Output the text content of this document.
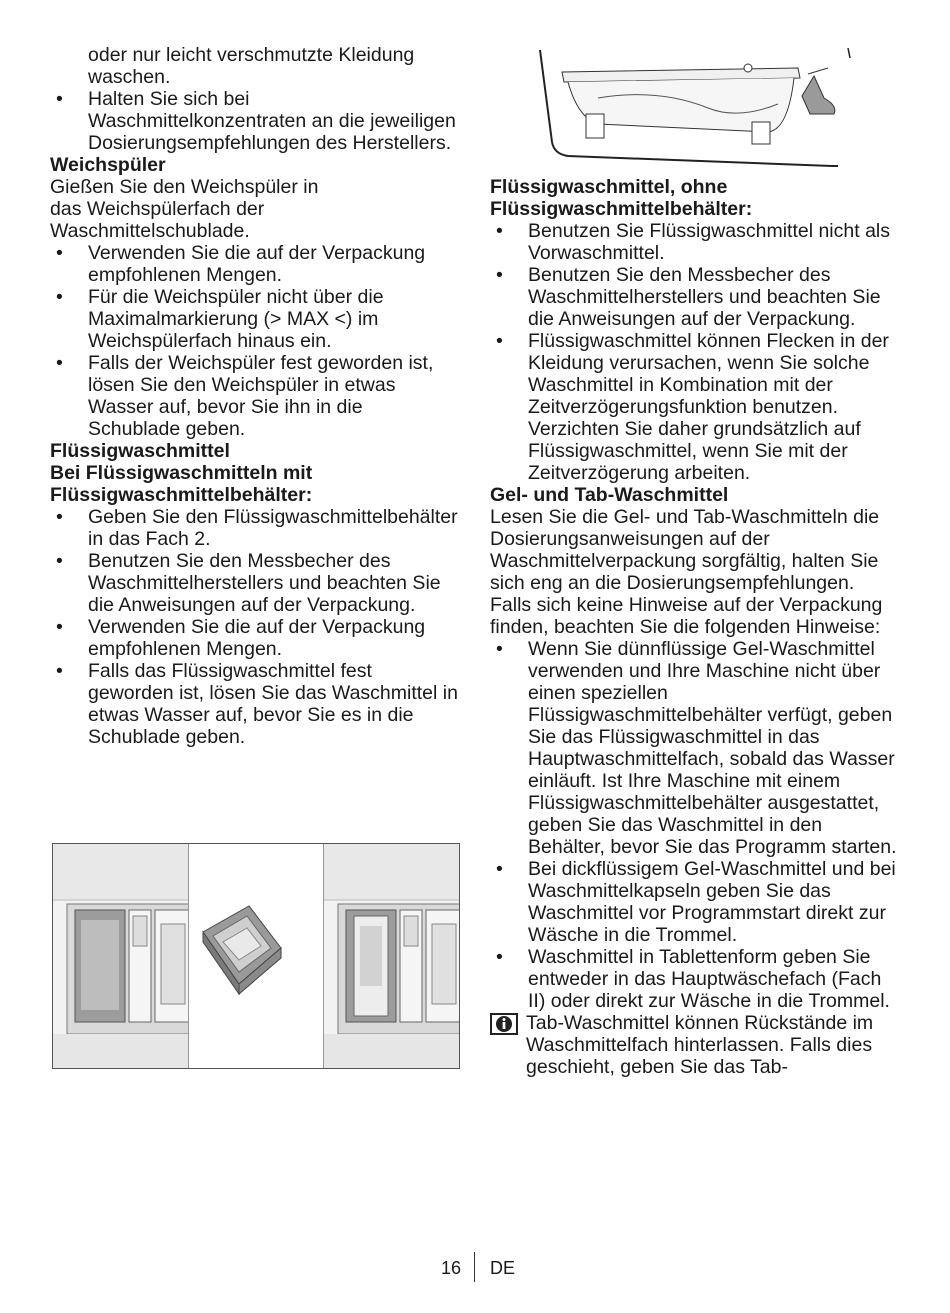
oder nur leicht verschmutzte Kleidung

waschen.

• Halten Sie sich bei Waschmittelkonzentraten an die jeweiligen Dosierungsempfehlungen des Herstellers.
Weichspüler

Gießen Sie den Weichspüler in das Weichspülerfach der Waschmittelschublade.

• Verwenden Sie die auf der Verpackung empfohlenen Mengen.
• Für die Weichspüler nicht über die Maximalmarkierung (> MAX <) im Weichspülerfach hinaus ein.
• Falls der Weichspüler fest geworden ist, lösen Sie den Weichspüler in etwas Wasser auf, bevor Sie ihn in die Schublade geben.
Flüssigwaschmittel
Bei Flüssigwaschmitteln mit Flüssigwaschmittelbehälter:
• Geben Sie den Flüssigwaschmittelbehälter in das Fach 2.
• Benutzen Sie den Messbecher des Waschmittelherstellers und beachten Sie die Anweisungen auf der Verpackung.
• Verwenden Sie die auf der Verpackung empfohlenen Mengen.
• Falls das Flüssigwaschmittel fest geworden ist, lösen Sie das Waschmittel in etwas Wasser auf, bevor Sie es in die Schublade geben.
Flüssigwaschmittel, ohne Flüssigwaschmittelbehälter:
• Benutzen Sie Flüssigwaschmittel nicht als Vorwaschmittel.
• Benutzen Sie den Messbecher des Waschmittelherstellers und beachten Sie die Anweisungen auf der Verpackung.
• Flüssigwaschmittel können Flecken in der Kleidung verursachen, wenn Sie solche Waschmittel in Kombination mit der Zeitverzögerungsfunktion benutzen. Verzichten Sie daher grundsätzlich auf Flüssigwaschmittel, wenn Sie mit der Zeitverzögerung arbeiten.
Gel- und Tab-Waschmittel

Lesen Sie die Gel- und Tab-Waschmitteln die Dosierungsanweisungen auf der Waschmittelverpackung sorgfältig, halten Sie sich eng an die Dosierungsempfehlungen. Falls sich keine Hinweise auf der Verpackung finden, beachten Sie die folgenden Hinweise:

• Wenn Sie dünnflüssige Gel-Waschmittel verwenden und Ihre Maschine nicht über einen speziellen Flüssigwaschmittelbehälter verfügt, geben Sie das Flüssigwaschmittel in das Hauptwaschmittelfach, sobald das Wasser einläuft. Ist Ihre Maschine mit einem Flüssigwaschmittelbehälter ausgestattet, geben Sie das Waschmittel in den Behälter, bevor Sie das Programm starten.
• Bei dickflüssigem Gel-Waschmittel und bei Waschmittelkapseln geben Sie das Waschmittel vor Programmstart direkt zur Wäsche in die Trommel.
• Waschmittel in Tablettenform geben Sie entweder in das Hauptwäschefach (Fach II) oder direkt zur Wäsche in die Trommel.

Tab-Waschmittel können Rückstände im Waschmittelfach hinterlassen. Falls dies geschieht, geben Sie das Tab-

16 DE
